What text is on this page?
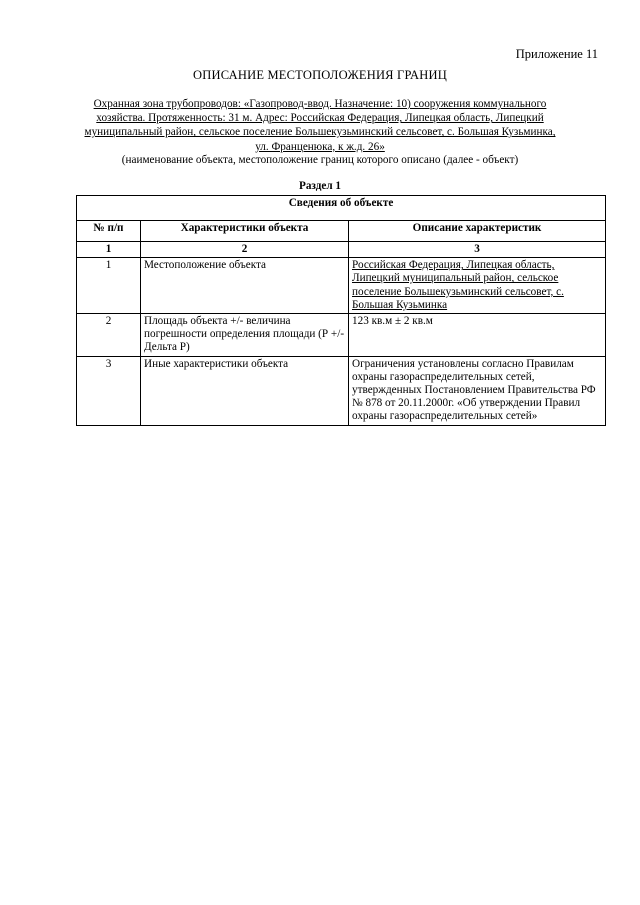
Приложение 11
ОПИСАНИЕ МЕСТОПОЛОЖЕНИЯ ГРАНИЦ
Охранная зона трубопроводов: «Газопровод-ввод. Назначение: 10) сооружения коммунального хозяйства. Протяженность: 31 м. Адрес: Российская Федерация, Липецкая область, Липецкий муниципальный район, сельское поселение Большекузьминский сельсовет, с. Большая Кузьминка, ул. Франценюка, к ж.д. 26»
(наименование объекта, местоположение границ которого описано (далее - объект)
Раздел 1
Сведения об объекте		
№ п/п	Характеристики объекта	Описание характеристик
1	2	3
1	Местоположение объекта	Российская Федерация, Липецкая область, Липецкий муниципальный район, сельское поселение Большекузьминский сельсовет, с. Большая Кузьминка
2	Площадь объекта +/- величина погрешности определения площади (Р +/- Дельта Р)	123 кв.м ± 2 кв.м
3	Иные характеристики объекта	Ограничения установлены согласно Правилам охраны газораспределительных сетей, утвержденных Постановлением Правительства РФ № 878 от 20.11.2000г. «Об утверждении Правил охраны газораспределительных сетей»
